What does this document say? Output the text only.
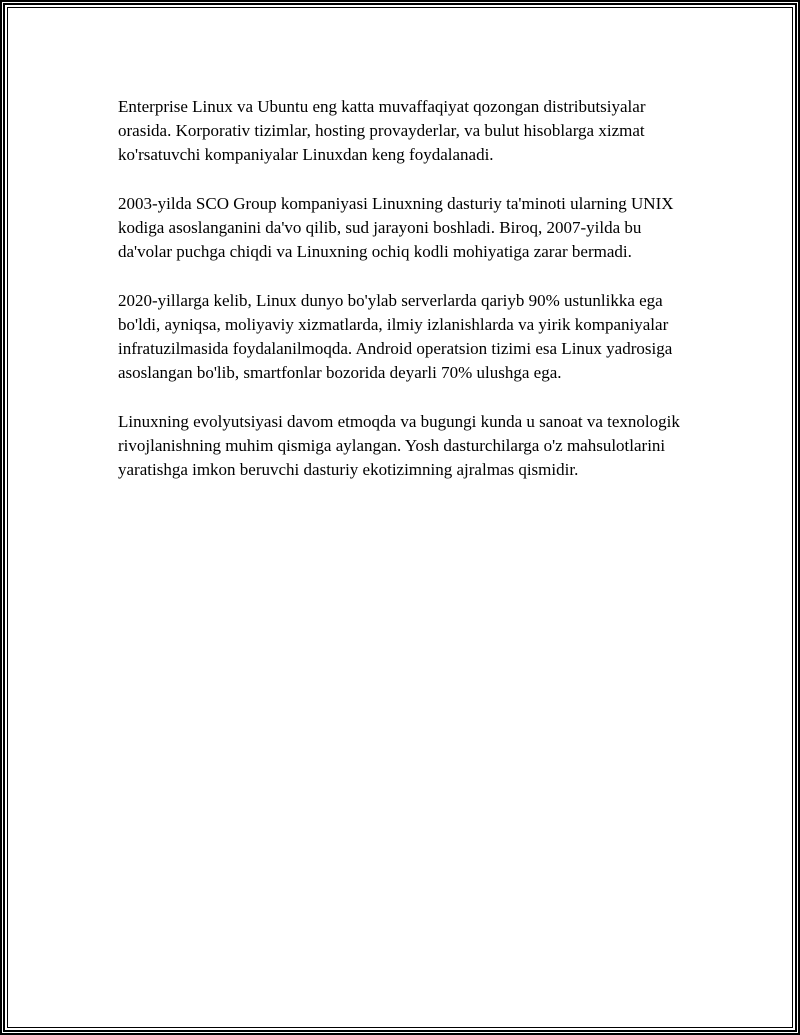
Enterprise Linux va Ubuntu eng katta muvaffaqiyat qozongan distributsiyalar orasida. Korporativ tizimlar, hosting provayderlar, va bulut hisoblarga xizmat ko'rsatuvchi kompaniyalar Linuxdan keng foydalanadi.

2003-yilda SCO Group kompaniyasi Linuxning dasturiy ta'minoti ularning UNIX kodiga asoslanganini da'vo qilib, sud jarayoni boshladi. Biroq, 2007-yilda bu da'volar puchga chiqdi va Linuxning ochiq kodli mohiyatiga zarar bermadi.

2020-yillarga kelib, Linux dunyo bo'ylab serverlarda qariyb 90% ustunlikka ega bo'ldi, ayniqsa, moliyaviy xizmatlarda, ilmiy izlanishlarda va yirik kompaniyalar infratuzilmasida foydalanilmoqda. Android operatsion tizimi esa Linux yadrosiga asoslangan bo'lib, smartfonlar bozorida deyarli 70% ulushga ega.

Linuxning evolyutsiyasi davom etmoqda va bugungi kunda u sanoat va texnologik rivojlanishning muhim qismiga aylangan. Yosh dasturchilarga o'z mahsulotlarini yaratishga imkon beruvchi dasturiy ekotizimning ajralmas qismidir.
